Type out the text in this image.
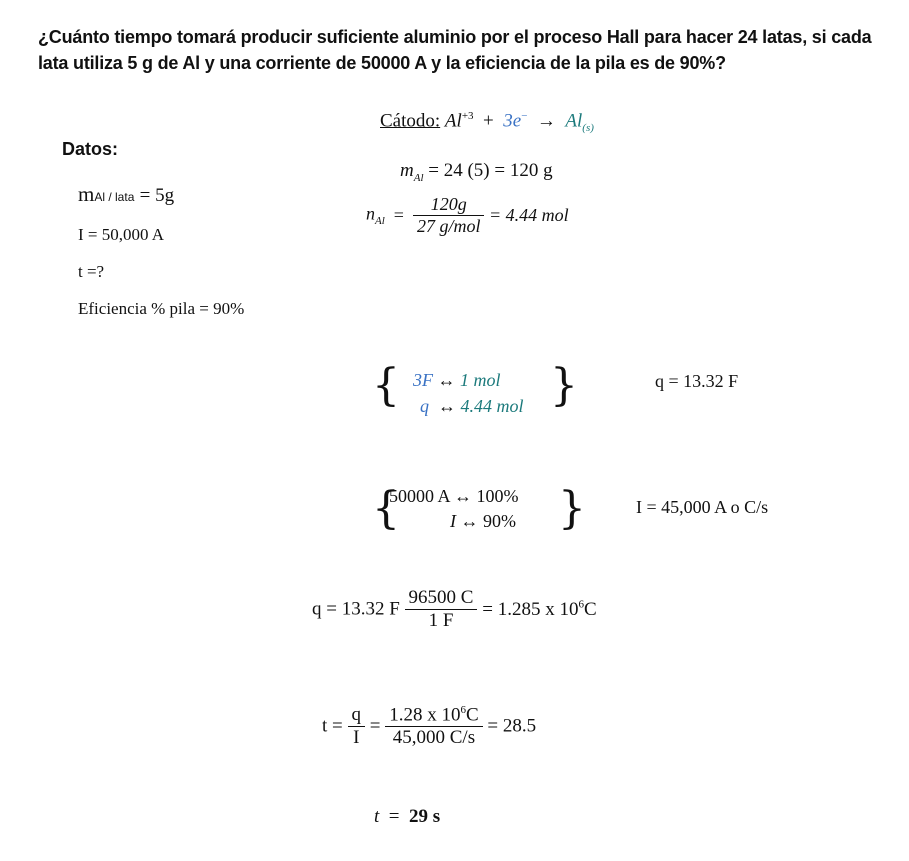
¿Cuánto tiempo tomará producir suficiente aluminio por el proceso Hall para hacer 24 latas, si cada lata utiliza 5 g de Al y una corriente de 50000 A y la eficiencia de la pila es de 90%?
Datos:
mAl / lata = 5g
I = 50,000 A
t =?
Eficiencia % pila = 90%
Cátodo: $Al^{+3} + 3e^- \to Al_{(s)}$
$m_{Al} = 24$ (5) = 120 g
$n_{Al} = \frac{120g}{\text{27 g/mol}} = 4.44$ mol
{ 3F ↔ 1 mol
q ↔ 4.44 mol }	q = 13.32 F
{
50000 A ↔ 100%
I ↔ 90% }	I = 45,000 A o C/s
q = 13.32 F $\frac{96500 C}{1 F} = 1.285$ x $10^6C$
$t = \frac{q}{I} = \frac{1.28 x 10^6C}{45,000 C/s} = 28.5$
t = 29 s
